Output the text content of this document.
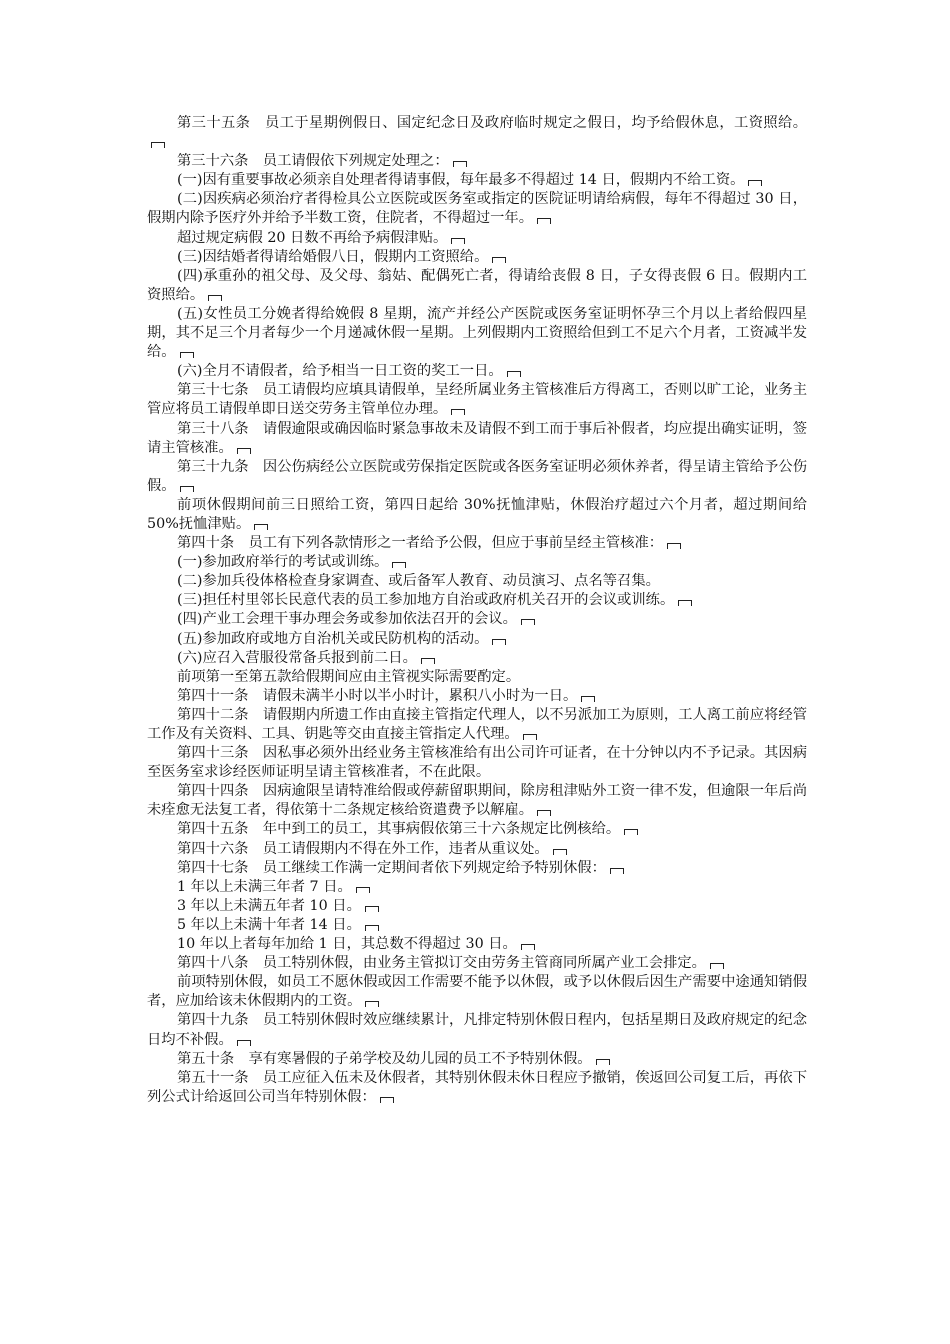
第三十五条　员工于星期例假日、国定纪念日及政府临时规定之假日，均予给假休息，工资照给。

第三十六条　员工请假依下列规定处理之：

(一)因有重要事故必须亲自处理者得请事假，每年最多不得超过 14 日，假期内不给工资。

(二)因疾病必须治疗者得检具公立医院或医务室或指定的医院证明请给病假，每年不得超过 30 日，假期内除予医疗外并给予半数工资，住院者，不得超过一年。

超过规定病假 20 日数不再给予病假津贴。

(三)因结婚者得请给婚假八日，假期内工资照给。

(四)承重孙的祖父母、及父母、翁姑、配偶死亡者，得请给丧假 8 日，子女得丧假 6 日。假期内工资照给。

(五)女性员工分娩者得给娩假 8 星期，流产并经公产医院或医务室证明怀孕三个月以上者给假四星期，其不足三个月者每少一个月递减休假一星期。上列假期内工资照给但到工不足六个月者，工资减半发给。

(六)全月不请假者，给予相当一日工资的奖工一日。

第三十七条　员工请假均应填具请假单，呈经所属业务主管核准后方得离工，否则以旷工论，业务主管应将员工请假单即日送交劳务主管单位办理。

第三十八条　请假逾限或确因临时紧急事故未及请假不到工而于事后补假者，均应提出确实证明，签请主管核准。

第三十九条　因公伤病经公立医院或劳保指定医院或各医务室证明必须休养者，得呈请主管给予公伤假。

前项休假期间前三日照给工资，第四日起给 30%抚恤津贴，休假治疗超过六个月者，超过期间给 50%抚恤津贴。

第四十条　员工有下列各款情形之一者给予公假，但应于事前呈经主管核准：

(一)参加政府举行的考试或训练。

(二)参加兵役体格检查身家调查、或后备军人教育、动员演习、点名等召集。

(三)担任村里邻长民意代表的员工参加地方自治或政府机关召开的会议或训练。

(四)产业工会理干事办理会务或参加依法召开的会议。

(五)参加政府或地方自治机关或民防机构的活动。

(六)应召入营服役常备兵报到前二日。

前项第一至第五款给假期间应由主管视实际需要酌定。

第四十一条　请假未满半小时以半小时计，累积八小时为一日。

第四十二条　请假期内所遗工作由直接主管指定代理人，以不另派加工为原则，工人离工前应将经管工作及有关资料、工具、钥匙等交由直接主管指定人代理。

第四十三条　因私事必须外出经业务主管核准给有出公司许可证者，在十分钟以内不予记录。其因病至医务室求诊经医师证明呈请主管核准者，不在此限。

第四十四条　因病逾限呈请特准给假或停薪留职期间，除房租津贴外工资一律不发，但逾限一年后尚未痊愈无法复工者，得依第十二条规定核给资遣费予以解雇。

第四十五条　年中到工的员工，其事病假依第三十六条规定比例核给。

第四十六条　员工请假期内不得在外工作，违者从重议处。

第四十七条　员工继续工作满一定期间者依下列规定给予特别休假：

1 年以上未满三年者 7 日。

3 年以上未满五年者 10 日。

5 年以上未满十年者 14 日。

10 年以上者每年加给 1 日，其总数不得超过 30 日。

第四十八条　员工特别休假，由业务主管拟订交由劳务主管商同所属产业工会排定。

前项特别休假，如员工不愿休假或因工作需要不能予以休假，或予以休假后因生产需要中途通知销假者，应加给该未休假期内的工资。

第四十九条　员工特别休假时效应继续累计，凡排定特别休假日程内，包括星期日及政府规定的纪念日均不补假。

第五十条　享有寒暑假的子弟学校及幼儿园的员工不予特别休假。

第五十一条　员工应征入伍未及休假者，其特别休假未休日程应予撤销，俟返回公司复工后，再依下列公式计给返回公司当年特别休假：
